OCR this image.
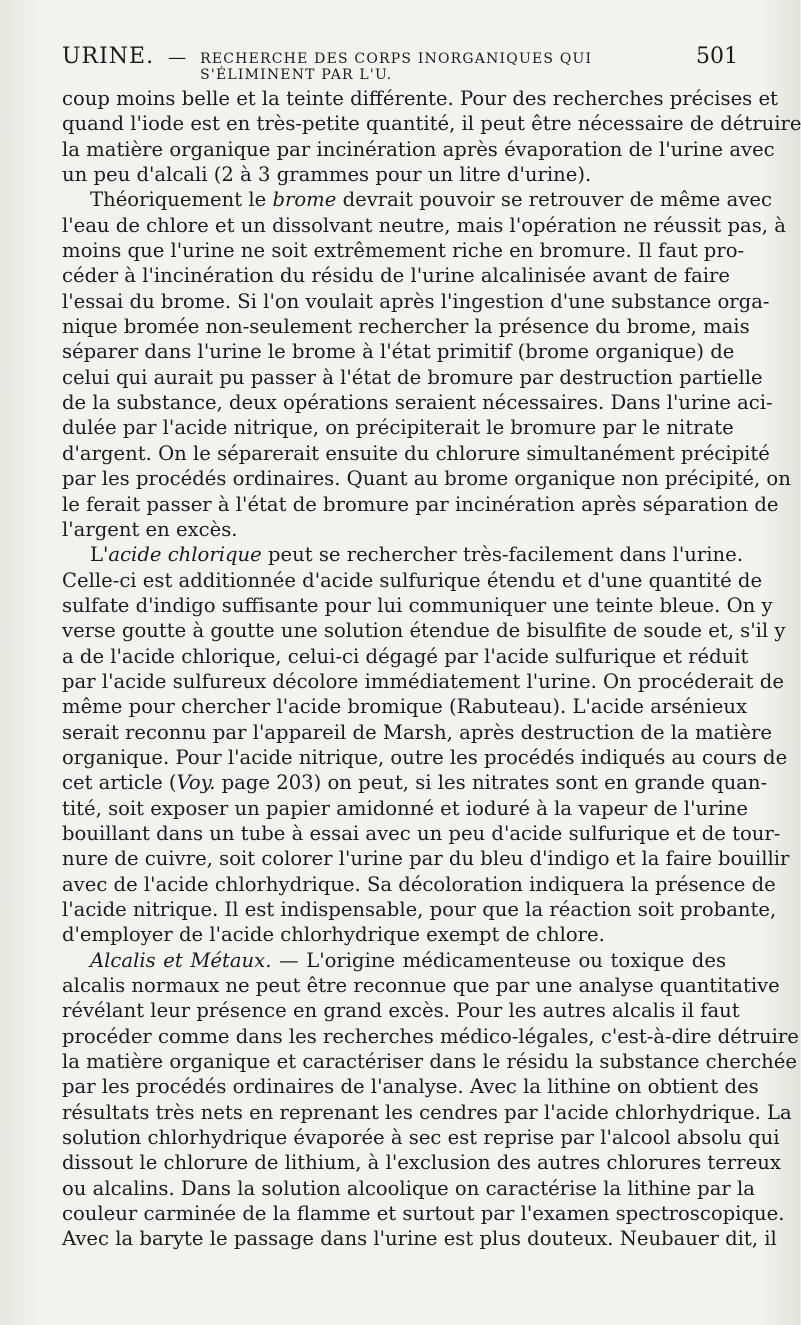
URINE. — RECHERCHE DES CORPS INORGANIQUES QUI S'ÉLIMINENT PAR L'U.
501
coup moins belle et la teinte différente. Pour des recherches précises et
quand l'iode est en très-petite quantité, il peut être nécessaire de détruire
la matière organique par incinération après évaporation de l'urine avec
un peu d'alcali (2 à 3 grammes pour un litre d'urine).
Théoriquement le brome devrait pouvoir se retrouver de même avec
l'eau de chlore et un dissolvant neutre, mais l'opération ne réussit pas, à
moins que l'urine ne soit extrêmement riche en bromure. Il faut pro-
céder à l'incinération du résidu de l'urine alcalinisée avant de faire
l'essai du brome. Si l'on voulait après l'ingestion d'une substance orga-
nique bromée non-seulement rechercher la présence du brome, mais
séparer dans l'urine le brome à l'état primitif (brome organique) de
celui qui aurait pu passer à l'état de bromure par destruction partielle
de la substance, deux opérations seraient nécessaires. Dans l'urine aci-
dulée par l'acide nitrique, on précipiterait le bromure par le nitrate
d'argent. On le séparerait ensuite du chlorure simultanément précipité
par les procédés ordinaires. Quant au brome organique non précipité, on
le ferait passer à l'état de bromure par incinération après séparation de
l'argent en excès.
L'acide chlorique peut se rechercher très-facilement dans l'urine.
Celle-ci est additionnée d'acide sulfurique étendu et d'une quantité de
sulfate d'indigo suffisante pour lui communiquer une teinte bleue. On y
verse goutte à goutte une solution étendue de bisulfite de soude et, s'il y
a de l'acide chlorique, celui-ci dégagé par l'acide sulfurique et réduit
par l'acide sulfureux décolore immédiatement l'urine. On procéderait de
même pour chercher l'acide bromique (Rabuteau). L'acide arsénieux
serait reconnu par l'appareil de Marsh, après destruction de la matière
organique. Pour l'acide nitrique, outre les procédés indiqués au cours de
cet article (Voy. page 203) on peut, si les nitrates sont en grande quan-
tité, soit exposer un papier amidonné et ioduré à la vapeur de l'urine
bouillant dans un tube à essai avec un peu d'acide sulfurique et de tour-
nure de cuivre, soit colorer l'urine par du bleu d'indigo et la faire bouillir
avec de l'acide chlorhydrique. Sa décoloration indiquera la présence de
l'acide nitrique. Il est indispensable, pour que la réaction soit probante,
d'employer de l'acide chlorhydrique exempt de chlore.
Alcalis et Métaux. — L'origine médicamenteuse ou toxique des
alcalis normaux ne peut être reconnue que par une analyse quantitative
révélant leur présence en grand excès. Pour les autres alcalis il faut
procéder comme dans les recherches médico-légales, c'est-à-dire détruire
la matière organique et caractériser dans le résidu la substance cherchée
par les procédés ordinaires de l'analyse. Avec la lithine on obtient des
résultats très nets en reprenant les cendres par l'acide chlorhydrique. La
solution chlorhydrique évaporée à sec est reprise par l'alcool absolu qui
dissout le chlorure de lithium, à l'exclusion des autres chlorures terreux
ou alcalins. Dans la solution alcoolique on caractérise la lithine par la
couleur carminée de la flamme et surtout par l'examen spectroscopique.
Avec la baryte le passage dans l'urine est plus douteux. Neubauer dit, il
